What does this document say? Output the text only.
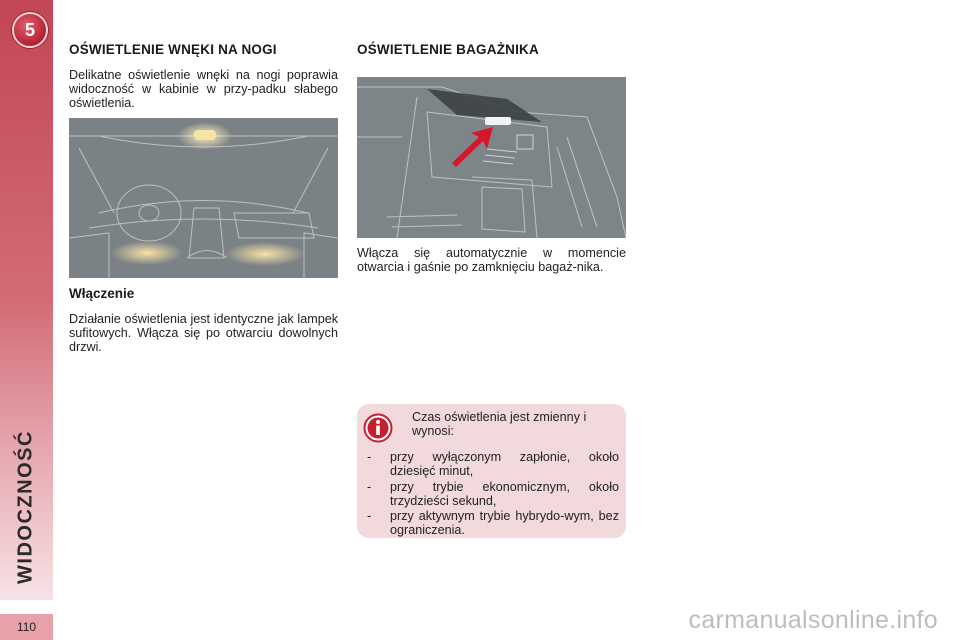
5
WIDOCZNOŚĆ
110
OŚWIETLENIE WNĘKI NA NOGI

Delikatne oświetlenie wnęki na nogi poprawia widoczność w kabinie w przy-padku słabego oświetlenia.

Włączenie

Działanie oświetlenia jest identyczne jak lampek sufitowych. Włącza się po otwarciu dowolnych drzwi.

OŚWIETLENIE BAGAŻNIKA

Włącza się automatycznie w momencie otwarcia i gaśnie po zamknięciu bagaż-nika.

Czas oświetlenia jest zmienny i wynosi:
- przy wyłączonym zapłonie, około dziesięć minut,
- przy trybie ekonomicznym, około trzydzieści sekund,
- przy aktywnym trybie hybrydo-wym, bez ograniczenia.
carmanualsonline.info
